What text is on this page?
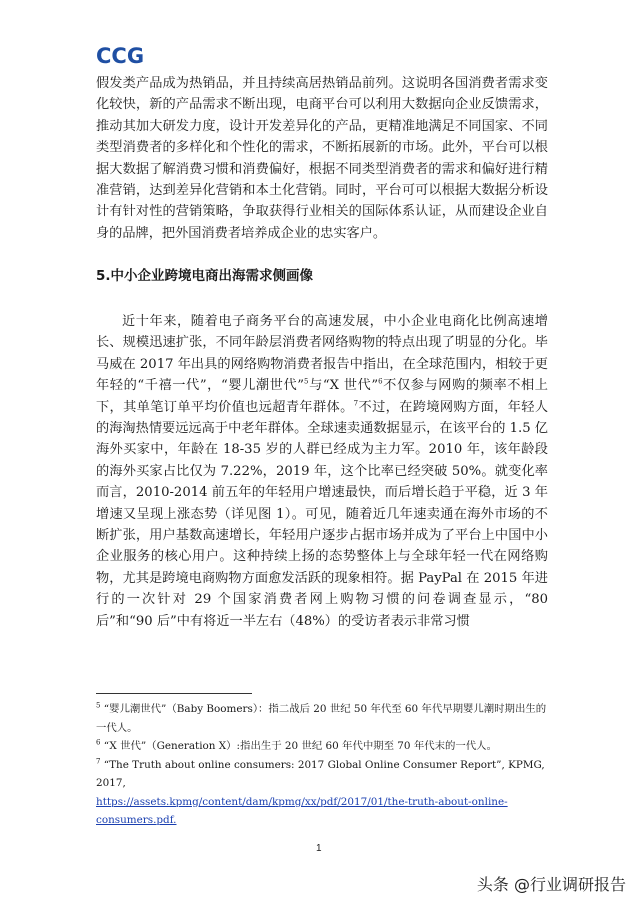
CCG

假发类产品成为热销品，并且持续高居热销品前列。这说明各国消费者需求变化较快，新的产品需求不断出现，电商平台可以利用大数据向企业反馈需求，推动其加大研发力度，设计开发差异化的产品，更精准地满足不同国家、不同类型消费者的多样化和个性化的需求，不断拓展新的市场。此外，平台可以根据大数据了解消费习惯和消费偏好，根据不同类型消费者的需求和偏好进行精准营销，达到差异化营销和本土化营销。同时，平台可可以根据大数据分析设计有针对性的营销策略，争取获得行业相关的国际体系认证，从而建设企业自身的品牌，把外国消费者培养成企业的忠实客户。

5.中小企业跨境电商出海需求侧画像

近十年来，随着电子商务平台的高速发展，中小企业电商化比例高速增长、规模迅速扩张，不同年龄层消费者网络购物的特点出现了明显的分化。毕马威在 2017 年出具的网络购物消费者报告中指出，在全球范围内，相较于更年轻的“千禧一代”，“婴儿潮世代”$^5$与“X 世代”$^6$不仅参与网购的频率不相上下，其单笔订单平均价值也远超青年群体。$^7$不过，在跨境网购方面，年轻人的海淘热情要远远高于中老年群体。全球速卖通数据显示，在该平台的 1.5 亿海外买家中，年龄在 18-35 岁的人群已经成为主力军。2010 年，该年龄段的海外买家占比仅为 7.22%，2019 年，这个比率已经突破 50%。就变化率而言，2010-2014 前五年的年轻用户增速最快，而后增长趋于平稳，近 3 年增速又呈现上涨态势（详见图 1）。可见，随着近几年速卖通在海外市场的不断扩张，用户基数高速增长，年轻用户逐步占据市场并成为了平台上中国中小企业服务的核心用户。这种持续上扬的态势整体上与全球年轻一代在网络购物，尤其是跨境电商购物方面愈发活跃的现象相符。据 PayPal 在 2015 年进行的一次针对 29 个国家消费者网上购物习惯的问卷调查显示，“80 后”和“90 后”中有将近一半左右（48%）的受访者表示非常习惯

$^5$ “婴儿潮世代”（Baby Boomers）：指二战后 20 世纪 50 年代至 60 年代早期婴儿潮时期出生的一代人。

$^6$ “X 世代”（Generation X）:指出生于 20 世纪 60 年代中期至 70 年代末的一代人。

$^7$ “The Truth about online consumers: 2017 Global Online Consumer Report”, KPMG, 2017,
https://assets.kpmg/content/dam/kpmg/xx/pdf/2017/01/the-truth-about-online-consumers.pdf.

1
头条 @行业调研报告
